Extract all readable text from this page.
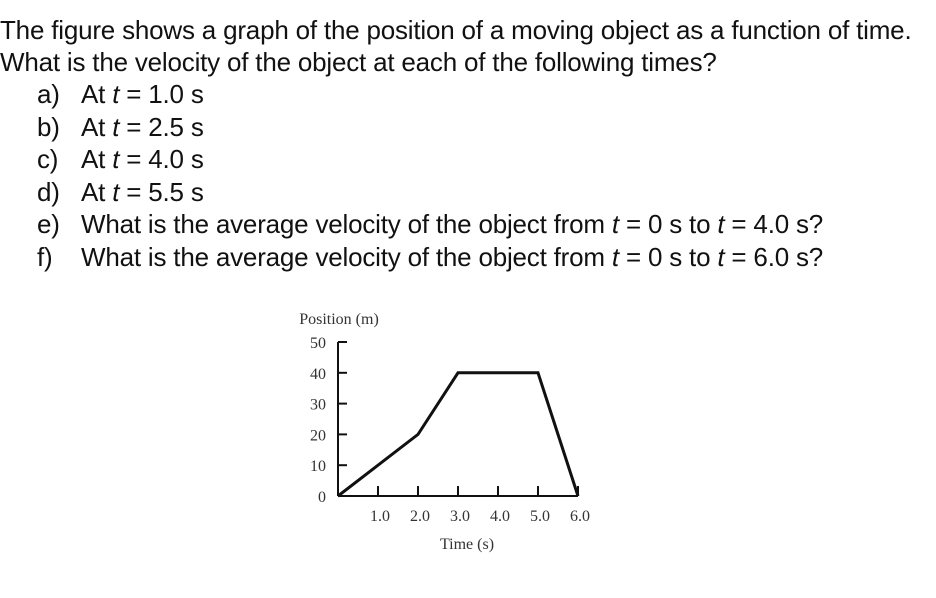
The figure shows a graph of the position of a moving object as a function of time. What is the velocity of the object at each of the following times?

a) At t = 1.0 s
b) At t = 2.5 s
c) At t = 4.0 s
d) At t = 5.5 s
e) What is the average velocity of the object from t = 0 s to t = 4.0 s?
f)	What is the average velocity of the object from t = 0 s to t = 6.0 s?
Position (m)
Time (s)
0
10
20
30
40
50
1.0 2.0 3.0 4.0 5.0 6.0
